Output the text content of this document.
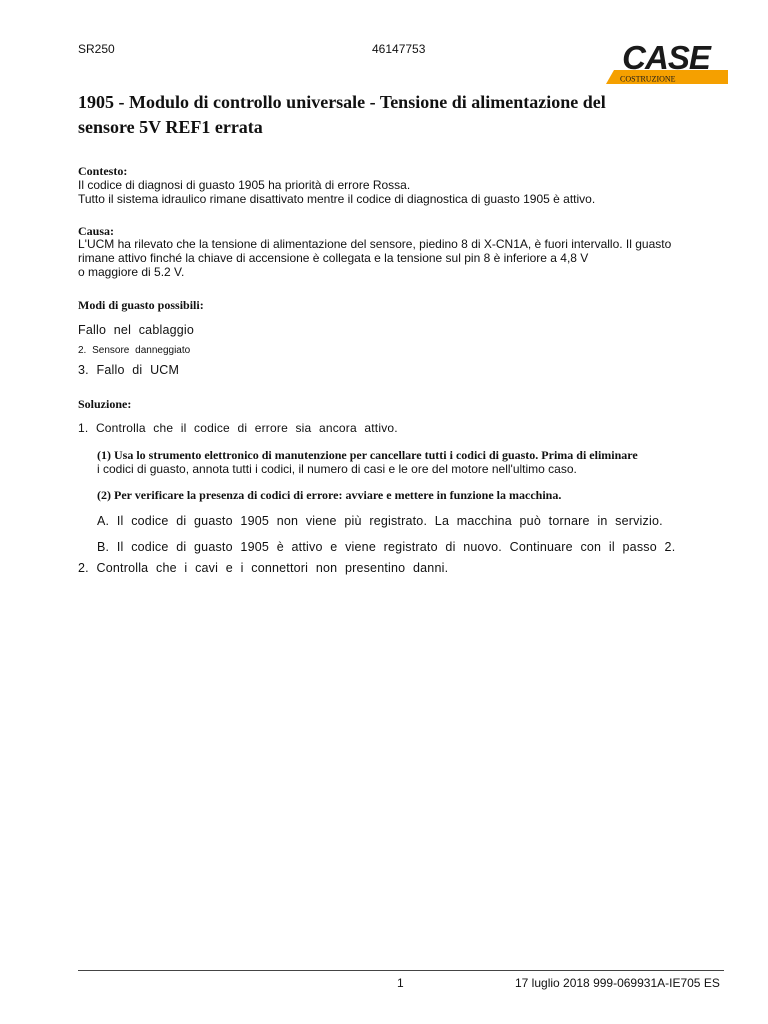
SR250	46147753	CASE
COSTRUZIONE
1905 - Modulo di controllo universale - Tensione di alimentazione del
sensore 5V REF1 errata
Contesto:
Il codice di diagnosi di guasto 1905 ha priorità di errore Rossa.
Tutto il sistema idraulico rimane disattivato mentre il codice di diagnostica di guasto 1905 è attivo.
Causa:
L'UCM ha rilevato che la tensione di alimentazione del sensore, piedino 8 di X-CN1A, è fuori intervallo. Il guasto
rimane attivo finché la chiave di accensione è collegata e la tensione sul pin 8 è inferiore a 4,8 V
o maggiore di 5.2 V.
Modi di guasto possibili:
Fallo nel cablaggio
2. Sensore danneggiato
3. Fallo di UCM
Soluzione:
1. Controlla che il codice di errore sia ancora attivo.
(1) Usa lo strumento elettronico di manutenzione per cancellare tutti i codici di guasto. Prima di eliminare
i codici di guasto, annota tutti i codici, il numero di casi e le ore del motore nell'ultimo caso.
(2) Per verificare la presenza di codici di errore: avviare e mettere in funzione la macchina.
A. Il codice di guasto 1905 non viene più registrato. La macchina può tornare in servizio.
B. Il codice di guasto 1905 è attivo e viene registrato di nuovo. Continuare con il passo 2.
2. Controlla che i cavi e i connettori non presentino danni.
1	17 luglio 2018 999-069931A-IE705 ES
